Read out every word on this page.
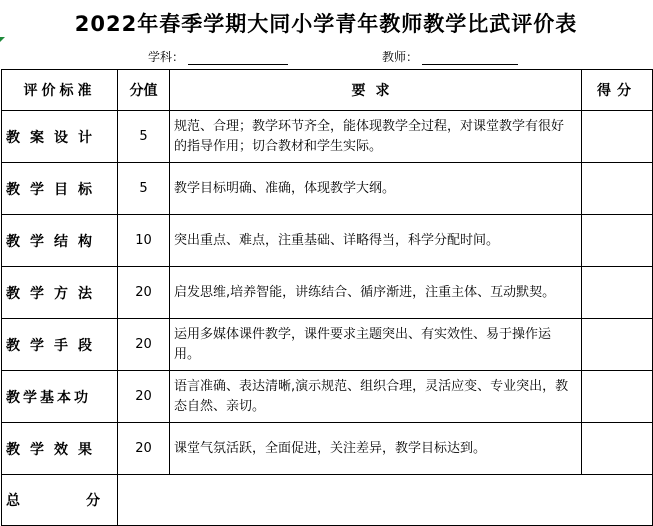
2022年春季学期大同小学青年教师教学比武评价表
学科：	教师：
评价标准	分值	要求	得分
教案设计	5	规范、合理；教学环节齐全，能体现教学全过程，对课堂教学有很好的指导作用；切合教材和学生实际。	
教学目标	5	教学目标明确、准确，体现教学大纲。	
教学结构	10	突出重点、难点，注重基础、详略得当，科学分配时间。	
教学方法	20	启发思维,培养智能，讲练结合、循序渐进，注重主体、互动默契。	
教学手段	20	运用多媒体课件教学，课件要求主题突出、有实效性、易于操作运用。	
教学基本功	20	语言准确、表达清晰,演示规范、组织合理，灵活应变、专业突出，教态自然、亲切。	
教学效果	20	课堂气氛活跃，全面促进，关注差异，教学目标达到。	
总分			
